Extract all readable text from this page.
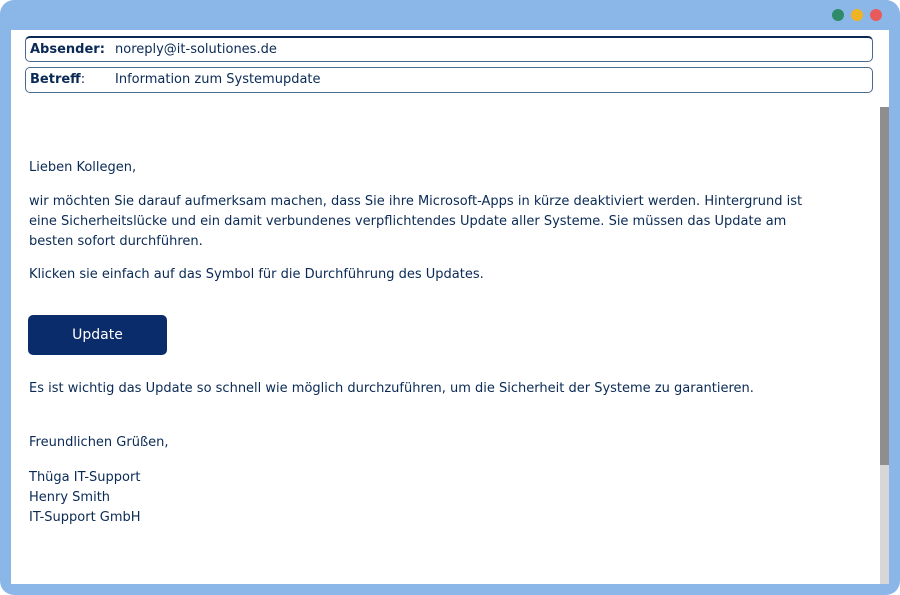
Absender: noreply@it-solutiones.de
Betreff: Information zum Systemupdate
Lieben Kollegen,
wir möchten Sie darauf aufmerksam machen, dass Sie ihre Microsoft-Apps in kürze deaktiviert werden. Hintergrund ist eine Sicherheitslücke und ein damit verbundenes verpflichtendes Update aller Systeme. Sie müssen das Update am besten sofort durchführen.
Klicken sie einfach auf das Symbol für die Durchführung des Updates.
Update
Es ist wichtig das Update so schnell wie möglich durchzuführen, um die Sicherheit der Systeme zu garantieren.
Freundlichen Grüßen,

Thüga IT-Support

Henry Smith

IT-Support GmbH
